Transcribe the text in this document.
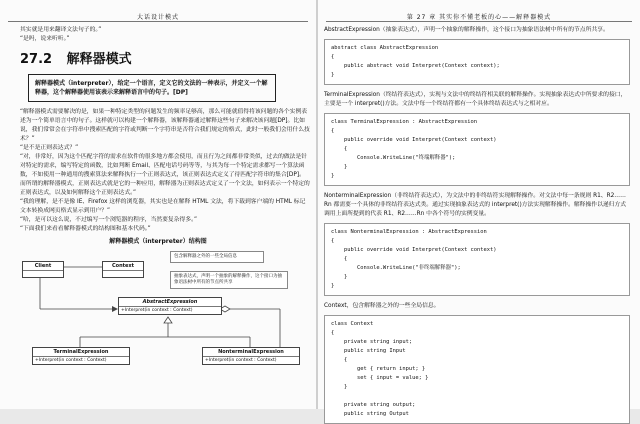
大话设计模式
其实就是用来翻译文法句子的。”
“是吗，说来听听。”
27.2 解释器模式
解释器模式（interpreter），给定一个语言，定义它的文法的一种表示，并定义一个解释器，这个解释器使用该表示来解释语言中的句子。[DP]
“解释器模式需要解决的是，如果一种特定类型的问题发生的频率足够高，那么可能就值得将该问题的各个实例表述为一个简单语言中的句子。这样就可以构建一个解释器，该解释器通过解释这些句子来解决该问题[DP]。比如说，我们常常会在字符串中搜索匹配的字符或判断一个字符串是否符合我们规定的格式，此时一般我们会用什么技术？”
“是不是正则表达式？”
“对，非常好，因为这个匹配字符的需求在软件的很多地方都会使用，而且行为之间都非常类似，过去的做法是针对特定的需求，编写特定的函数，比如判断 Email、匹配电话号码等等，与其为每一个特定需求都写一个算法函数，不如使用一种通用的搜索算法来解释执行一个正则表达式，该正则表达式定义了待匹配字符串的集合[DP]。而所谓的解释器模式，正则表达式就是它的一种应用，解释器为正则表达式定义了一个文法，如何表示一个特定的正则表达式，以及如何解释这个正则表达式。”
“我的理解，是不是像 IE、Firefox 这样的浏览器，其实也是在解释 HTML 文法，将下载到客户端的 HTML 标记文本转换成网页格式显示到用户？”
“哈，是可以这么说，不过编写一个浏览器的程序，当然要复杂得多。”
“下面我们来看看解释器模式的结构图和基本代码。”
解释器模式（interpreter）结构图
Client	Context
包含解释器之外的一些全局信息
抽象表达式，声明一个抽象的解释操作，这个接口为抽象语法树中所有的节点所共享
AbstractExpression
+Interpret(in context : Context)
TerminalExpression
+Interpret(in context : Context)
NonterminalExpression
+Interpret(in context : Context)
第 27 章 其实你不懂老板的心——解释器模式
AbstractExpression（抽象表达式），声明一个抽象的解释操作，这个接口为抽象语法树中所有的节点所共享。
abstract class AbstractExpression
{
public abstract void Interpret(Context context);
}
TerminalExpression（终结符表达式），实现与文法中的终结符相关联的解释操作。实现抽象表达式中所要求的接口，主要是一个 interpret()方法。文法中每一个终结符都有一个具体终结表达式与之相对应。
class TerminalExpression : AbstractExpression
{
public override void Interpret(Context context)
{
Console.WriteLine("终端解释器");
}
}
NonterminalExpression（非终结符表达式），为文法中的非终结符实现解释操作。对文法中每一条规则 R1、R2……Rn 都需要一个具体的非终结符表达式类。通过实现抽象表达式的 interpret()方法实现解释操作。解释操作以递归方式调用上面所提到的代表 R1、R2……Rn 中各个符号的实例变量。
class NonterminalExpression : AbstractExpression
{
public override void Interpret(Context context)
{
Console.WriteLine("非终端解释器");
}
}
Context，包含解释器之外的一些全局信息。
class Context
{
private string input;
public string Input
{
get { return input; }
set { input = value; }
}

private string output;
public string Output
